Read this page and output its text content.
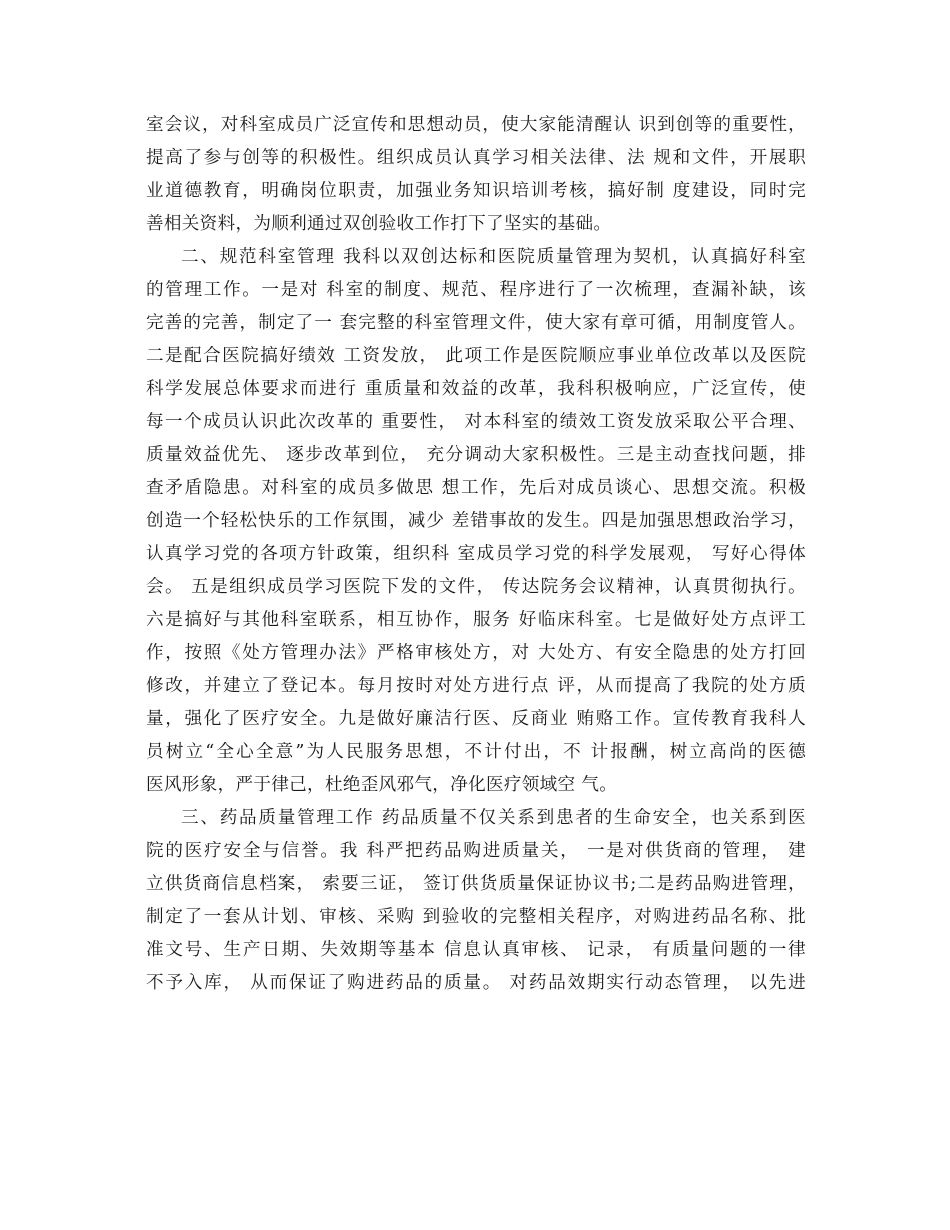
室会议，对科室成员广泛宣传和思想动员，使大家能清醒认 识到创等的重要性，
提高了参与创等的积极性。组织成员认真学习相关法律、法 规和文件，开展职
业道德教育，明确岗位职责，加强业务知识培训考核，搞好制 度建设，同时完
善相关资料，为顺利通过双创验收工作打下了坚实的基础。
二、规范科室管理 我科以双创达标和医院质量管理为契机，认真搞好科室
的管理工作。一是对 科室的制度、规范、程序进行了一次梳理，查漏补缺，该
完善的完善，制定了一 套完整的科室管理文件，使大家有章可循，用制度管人。
二是配合医院搞好绩效 工资发放， 此项工作是医院顺应事业单位改革以及医院
科学发展总体要求而进行 重质量和效益的改革，我科积极响应，广泛宣传，使
每一个成员认识此次改革的 重要性， 对本科室的绩效工资发放采取公平合理、
质量效益优先、 逐步改革到位， 充分调动大家积极性。三是主动查找问题，排
查矛盾隐患。对科室的成员多做思 想工作，先后对成员谈心、思想交流。积极
创造一个轻松快乐的工作氛围，减少 差错事故的发生。四是加强思想政治学习，
认真学习党的各项方针政策，组织科 室成员学习党的科学发展观， 写好心得体
会。 五是组织成员学习医院下发的文件， 传达院务会议精神，认真贯彻执行。
六是搞好与其他科室联系，相互协作，服务 好临床科室。七是做好处方点评工
作，按照《处方管理办法》严格审核处方，对 大处方、有安全隐患的处方打回
修改，并建立了登记本。每月按时对处方进行点 评，从而提高了我院的处方质
量，强化了医疗安全。九是做好廉洁行医、反商业 贿赂工作。宣传教育我科人
员树立“全心全意”为人民服务思想，不计付出，不 计报酬，树立高尚的医德
医风形象，严于律己，杜绝歪风邪气，净化医疗领域空 气。
三、药品质量管理工作 药品质量不仅关系到患者的生命安全，也关系到医
院的医疗安全与信誉。我 科严把药品购进质量关， 一是对供货商的管理， 建
立供货商信息档案， 索要三证， 签订供货质量保证协议书;二是药品购进管理，
制定了一套从计划、审核、采购 到验收的完整相关程序，对购进药品名称、批
准文号、生产日期、失效期等基本 信息认真审核、 记录， 有质量问题的一律
不予入库， 从而保证了购进药品的质量。 对药品效期实行动态管理， 以先进
